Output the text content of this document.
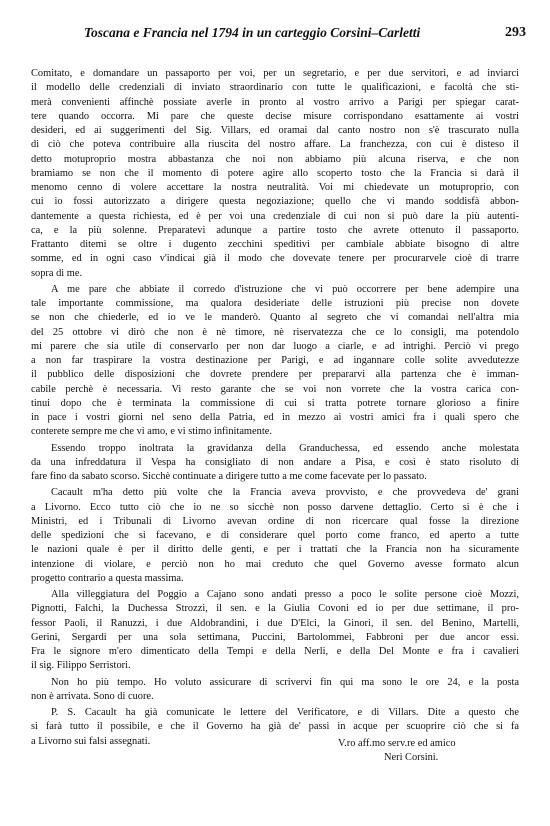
Toscana e Francia nel 1794 in un carteggio Corsini–Carletti	293
Comitato, e domandare un passaporto per voi, per un segretario, e per due servitori, e ad inviarci
il modello delle credenziali di inviato straordinario con tutte le qualificazioni, e facoltà che sti-
merà convenienti affinchè possiate averle in pronto al vostro arrivo a Parigi per spiegar carat-
tere quando occorra. Mi pare che queste decise misure corrispondano esattamente ai vostri
desideri, ed ai suggerimenti del Sig. Villars, ed oramai dal canto nostro non s'è trascurato nulla
di ciò che poteva contribuire alla riuscita del nostro affare. La franchezza, con cui è disteso il
detto motuproprio mostra abbastanza che noi non abbiamo più alcuna riserva, e che non
bramiamo se non che il momento di potere agire allo scoperto tosto che la Francia si darà il
menomo cenno di volere accettare la nostra neutralità. Voi mi chiedevate un motuproprio, con
cui io fossi autorizzato a dirigere questa negoziazione; quello che vi mando soddisfà abbon-
dantemente a questa richiesta, ed è per voi una credenziale di cui non si può dare la più autenti-
ca, e la più solenne. Preparatevi adunque a partire tosto che avrete ottenuto il passaporto.
Frattanto ditemi se oltre i dugento zecchini speditivi per cambiale abbiate bisogno di altre
somme, ed in ogni caso v'indicai già il modo che dovevate tenere per procurarvele cioè di trarre
sopra di me.
A me pare che abbiate il corredo d'istruzione che vi può occorrere per bene adempire una
tale importante commissione, ma qualora desideriate delle istruzioni più precise non dovete
se non che chiederle, ed io ve le manderò. Quanto al segreto che vi comandai nell'altra mia
del 25 ottobre vi dirò che non è nè timore, nè riservatezza che ce lo consigli, ma potendolo
mi parere che sia utile di conservarlo per non dar luogo a ciarle, e ad intrighi. Perciò vi prego
a non far traspirare la vostra destinazione per Parigi, e ad ingannare colle solite avvedutezze
il pubblico delle disposizioni che dovrete prendere per prepararvi alla partenza che è imman-
cabile perchè è necessaria. Vi resto garante che se voi non vorrete che la vostra carica con-
tinui dopo che è terminata la commissione di cui si tratta potrete tornare glorioso a finire
in pace i vostri giorni nel seno della Patria, ed in mezzo ai vostri amici fra i quali spero che
conterete sempre me che vi amo, e vi stimo infinitamente.
Essendo troppo inoltrata la gravidanza della Granduchessa, ed essendo anche molestata
da una infreddatura il Vespa ha consigliato di non andare a Pisa, e così è stato risoluto di
fare fino da sabato scorso. Sicchè continuate a dirigere tutto a me come facevate per lo passato.
Cacault m'ha detto più volte che la Francia aveva provvisto, e che provvedeva de' grani
a Livorno. Ecco tutto ciò che io ne so sicchè non posso darvene dettaglio. Certo si è che i
Ministri, ed i Tribunali di Livorno avevan ordine di non ricercare qual fosse la direzione
delle spedizioni che si facevano, e di considerare quel porto come franco, ed aperto a tutte
le nazioni quale è per il diritto delle genti, e per i trattati che la Francia non ha sicuramente
intenzione di violare, e perciò non ho mai creduto che quel Governo avesse formato alcun
progetto contrario a questa massima.
Alla villeggiatura del Poggio a Cajano sono andati presso a poco le solite persone cioè Mozzi,
Pignotti, Falchi, la Duchessa Strozzi, il sen. e la Giulia Covoni ed io per due settimane, il pro-
fessor Paoli, il Ranuzzi, i due Aldobrandini, i due D'Elci, la Ginori, il sen. del Benino, Martelli,
Gerini, Sergardi per una sola settimana, Puccini, Bartolommei, Fabbroni per due ancor essi.
Fra le signore m'ero dimenticato della Tempi e della Nerli, e della Del Monte e fra i cavalieri
il sig. Filippo Serristori.
Non ho più tempo. Ho voluto assicurare di scrivervi fin qui ma sono le ore 24, e la posta
non è arrivata. Sono di cuore.
P. S. Cacault ha già comunicate le lettere del Verificatore, e di Villars. Dite a questo che
si farà tutto il possibile, e che il Governo ha già de' passi in acque per scuoprire ciò che si fa
a Livorno sui falsi assegnati.	V.ro aff.mo serv.re ed amico
Neri Corsini.
